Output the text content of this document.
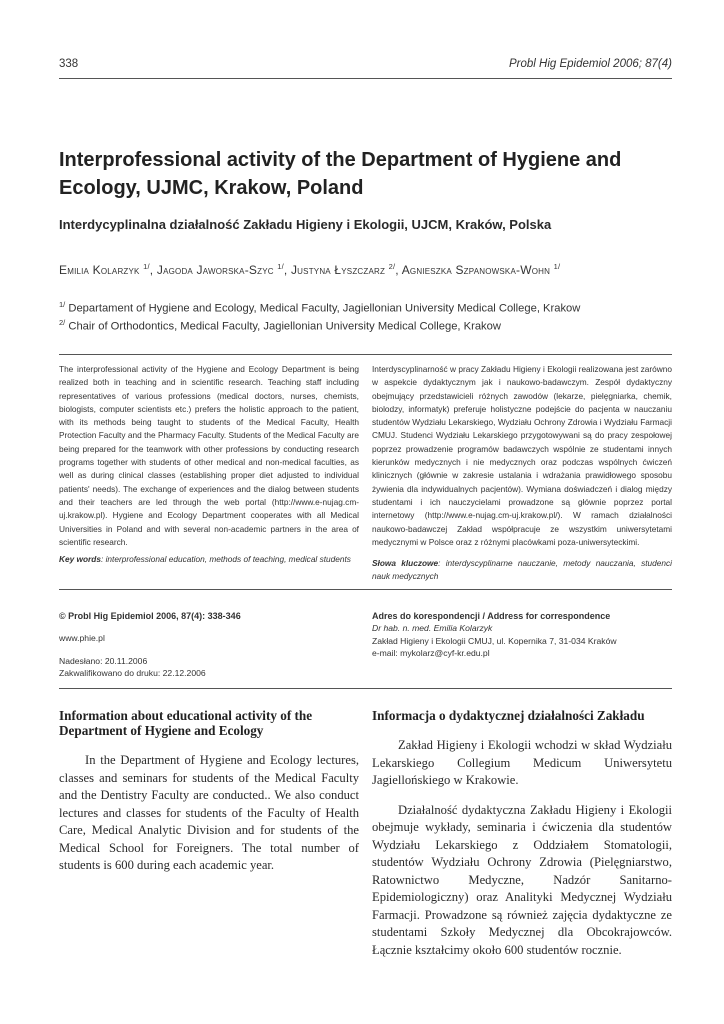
338	Probl Hig Epidemiol 2006; 87(4)
Interprofessional activity of the Department of Hygiene and Ecology, UJMC, Krakow, Poland
Interdycyplinalna działalność Zakładu Higieny i Ekologii, UJCM, Kraków, Polska
Emilia Kolarzyk $^{1/}$, Jagoda Jaworska-Szyc $^{1/}$, Justyna Łyszczarz $^{2/}$, Agnieszka Szpanowska-Wohn $^{1/}$
$^{1/}$ Departament of Hygiene and Ecology, Medical Faculty, Jagiellonian University Medical College, Krakow
$^{2/}$ Chair of Orthodontics, Medical Faculty, Jagiellonian University Medical College, Krakow
The interprofessional activity of the Hygiene and Ecology Department is being realized both in teaching and in scientific research. Teaching staff including representatives of various professions (medical doctors, nurses, chemists, biologists, computer scientists etc.) prefers the holistic approach to the patient, with its methods being taught to students of the Medical Faculty, Health Protection Faculty and the Pharmacy Faculty. Students of the Medical Faculty are being prepared for the teamwork with other professions by conducting research programs together with students of other medical and non-medical faculties, as well as during clinical classes (establishing proper diet adjusted to individual patients' needs). The exchange of experiences and the dialog between students and their teachers are led through the web portal (http://www.e-nujag.cm-uj.krakow.pl). Hygiene and Ecology Department cooperates with all Medical Universities in Poland and with several non-academic partners in the area of scientific research.
Key words: interprofessional education, methods of teaching, medical students
Interdyscyplinarność w pracy Zakładu Higieny i Ekologii realizowana jest zarówno w aspekcie dydaktycznym jak i naukowo-badawczym. Zespół dydaktyczny obejmujący przedstawicieli różnych zawodów (lekarze, pielęgniarka, chemik, biolodzy, informatyk) preferuje holistyczne podejście do pacjenta w nauczaniu studentów Wydziału Lekarskiego, Wydziału Ochrony Zdrowia i Wydziału Farmacji CMUJ. Studenci Wydziału Lekarskiego przygotowywani są do pracy zespołowej poprzez prowadzenie programów badawczych wspólnie ze studentami innych kierunków medycznych i nie medycznych oraz podczas wspólnych ćwiczeń klinicznych (głównie w zakresie ustalania i wdrażania prawidłowego sposobu żywienia dla indywidualnych pacjentów). Wymiana doświadczeń i dialog między studentami i ich nauczycielami prowadzone są głównie poprzez portal internetowy (http://www.e-nujag.cm-uj.krakow.pl/). W ramach działalności naukowo-badawczej Zakład współpracuje ze wszystkim uniwersytetami medycznymi w Polsce oraz z różnymi placówkami poza-uniwersyteckimi.
Słowa kluczowe: interdyscyplinarne nauczanie, metody nauczania, studenci nauk medycznych
© Probl Hig Epidemiol 2006, 87(4): 338-346
www.phie.pl
Nadesłano: 20.11.2006
Zakwalifikowano do druku: 22.12.2006
Adres do korespondencji / Address for correspondence
Dr hab. n. med. Emilia Kolarzyk
Zakład Higieny i Ekologii CMUJ, ul. Kopernika 7, 31-034 Kraków
e-mail: mykolarz@cyf-kr.edu.pl
Information about educational activity of the Department of Hygiene and Ecology

In the Department of Hygiene and Ecology lectures, classes and seminars for students of the Medical Faculty and the Dentistry Faculty are conducted.. We also conduct lectures and classes for students of the Faculty of Health Care, Medical Analytic Division and for students of the Medical School for Foreigners. The total number of students is 600 during each academic year.

Informacja o dydaktycznej działalności Zakładu

Zakład Higieny i Ekologii wchodzi w skład Wydziału Lekarskiego Collegium Medicum Uniwersytetu Jagiellońskiego w Krakowie.

Działalność dydaktyczna Zakładu Higieny i Ekologii obejmuje wykłady, seminaria i ćwiczenia dla studentów Wydziału Lekarskiego z Oddziałem Stomatologii, studentów Wydziału Ochrony Zdrowia (Pielęgniarstwo, Ratownictwo Medyczne, Nadzór Sanitarno-Epidemiologiczny) oraz Analityki Medycznej Wydziału Farmacji. Prowadzone są również zajęcia dydaktyczne ze studentami Szkoły Medycznej dla Obcokrajowców. Łącznie kształcimy około 600 studentów rocznie.
